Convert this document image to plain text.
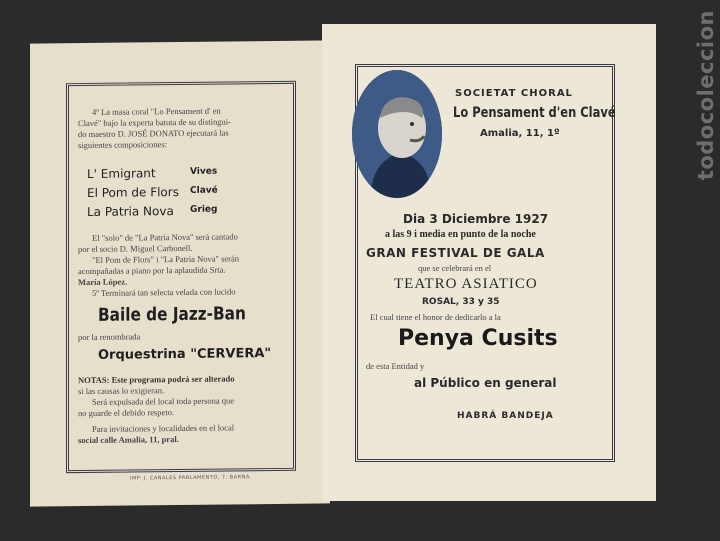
todocoleccion
4º La masa coral "Lo Pensament d' en
Clavé" bajo la experta batuta de su distingui-
do maestro D. JOSÉ DONATO ejecutará las
siguientes composiciones:
L' Emigrant	Vives
El Pom de Flors Clavé
La Patria Nova Grieg
El "solo" de "La Patria Nova" será cantado
por el socio D. Miguel Carbonell.
"El Pom de Flors" i "La Patria Nova" serán
acompañadas a piano por la aplaudida Srta.
María López.
5º Terminará tan selecta velada con lucido
Baile de Jazz-Ban
por la renombrada
Orquestrina "CERVERA"
NOTAS: Este programa podrá ser alterado
si las causas lo exigieran.
Será expulsada del local toda persona que
no guarde el debido respeto.
Para invitaciones y localidades en el local
social calle Amalia, 11, pral.
IMP. J. CANALES PARLAMENTO, 7. BARNA.
SOCIETAT CHORAL
Lo Pensament d'en Clavé
Amalia, 11, 1º
Dia 3 Diciembre 1927
a las 9 i media en punto de la noche
GRAN FESTIVAL DE GALA
que se celebrará en el
TEATRO ASIATICO
ROSAL, 33 y 35
El cual tiene el honor de dedicarlo a la
Penya Cusits
de esta Entidad y
al Público en general
HABRÁ BANDEJA
